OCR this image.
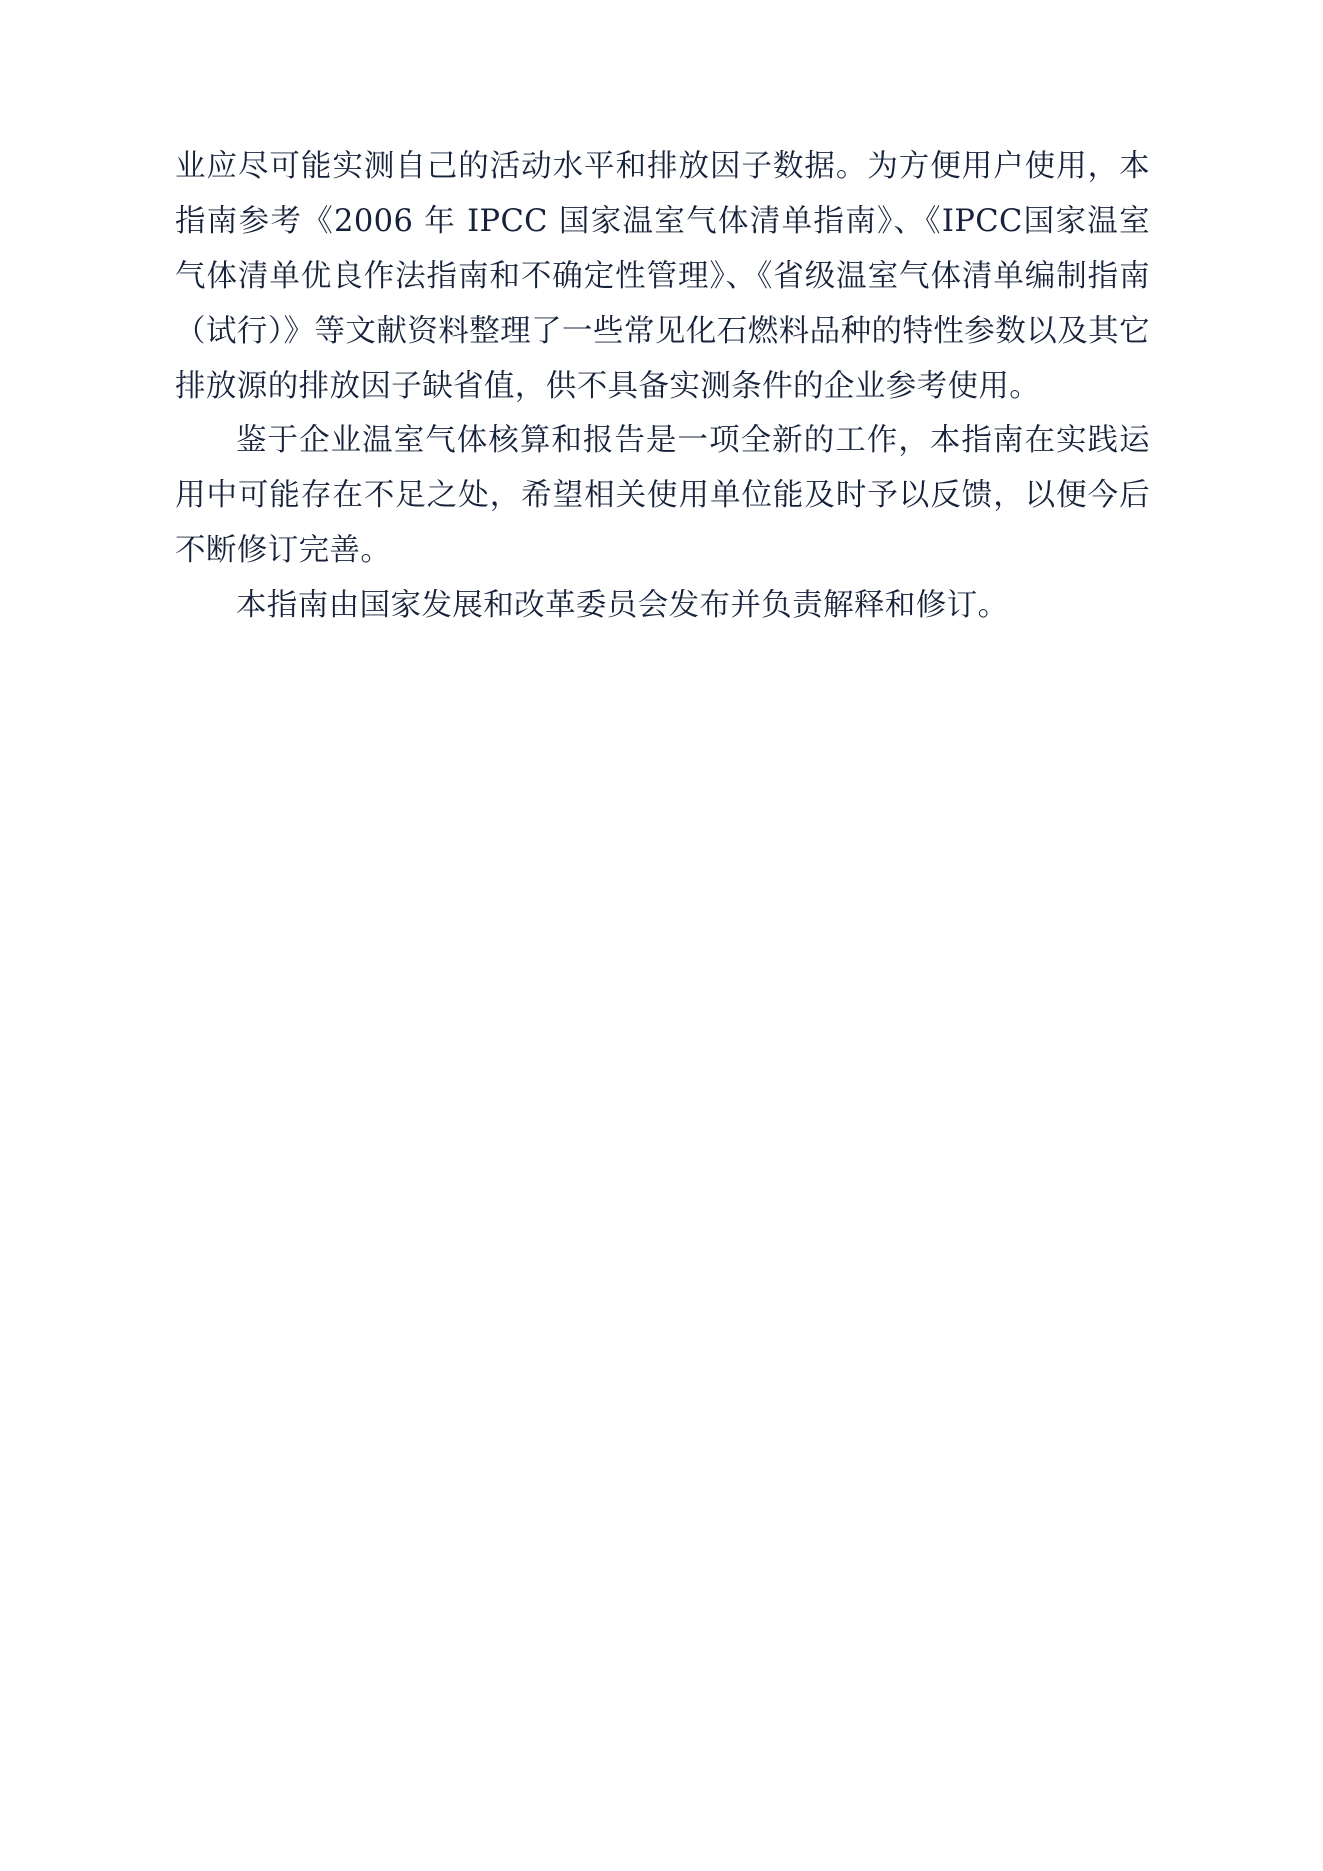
业应尽可能实测自己的活动水平和排放因子数据。为方便用户使用，本指南参考《2006 年 IPCC 国家温室气体清单指南》、《IPCC国家温室气体清单优良作法指南和不确定性管理》、《省级温室气体清单编制指南（试行）》等文献资料整理了一些常见化石燃料品种的特性参数以及其它排放源的排放因子缺省值，供不具备实测条件的企业参考使用。

鉴于企业温室气体核算和报告是一项全新的工作，本指南在实践运用中可能存在不足之处，希望相关使用单位能及时予以反馈，以便今后不断修订完善。

本指南由国家发展和改革委员会发布并负责解释和修订。
